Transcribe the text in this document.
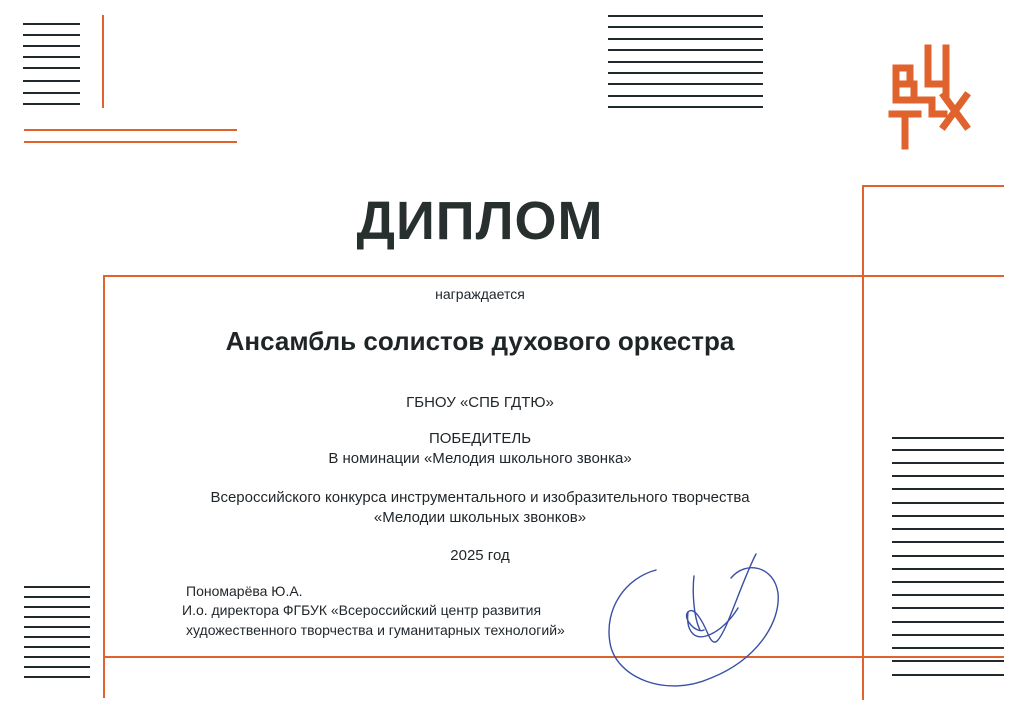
ДИПЛОМ
награждается
Ансамбль солистов духового оркестра
ГБНОУ «СПБ ГДТЮ»
ПОБЕДИТЕЛЬ
В номинации «Мелодия школьного звонка»
Всероссийского конкурса инструментального и изобразительного творчества
«Мелодии школьных звонков»
2025 год
Пономарёва Ю.А.
И.о. директора ФГБУК «Всероссийский центр развития
художественного творчества и гуманитарных технологий»
